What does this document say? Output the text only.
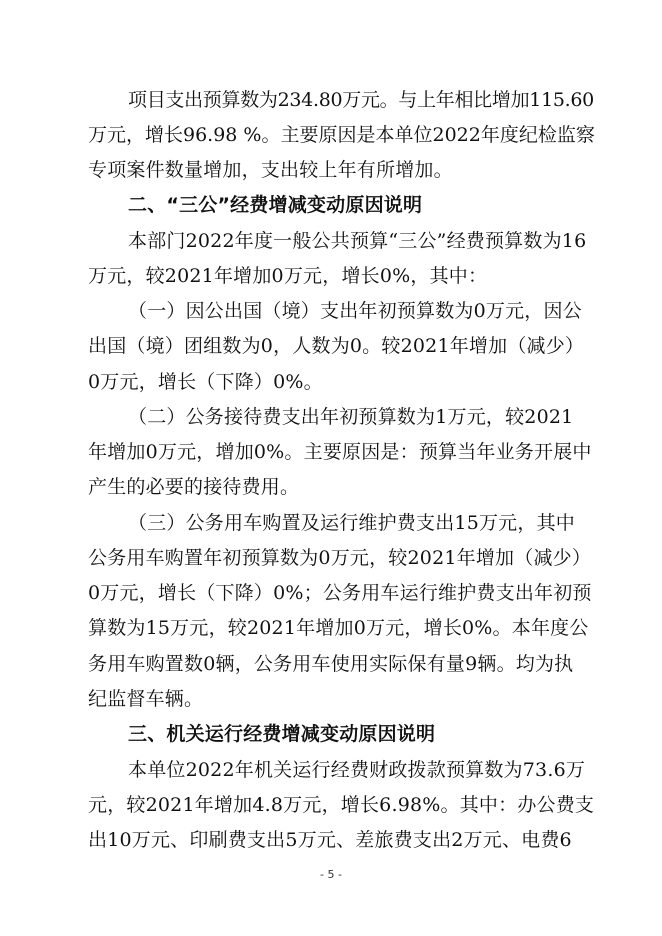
项目支出预算数为234.80万元。与上年相比增加115.60
万元，增长96.98 %。主要原因是本单位2022年度纪检监察
专项案件数量增加，支出较上年有所增加。
二、“三公”经费增减变动原因说明
本部门2022年度一般公共预算“三公”经费预算数为16
万元，较2021年增加0万元，增长0%，其中：
（一）因公出国（境）支出年初预算数为0万元，因公
出国（境）团组数为0，人数为0。较2021年增加（减少）
0万元，增长（下降）0%。
（二）公务接待费支出年初预算数为1万元，较2021
年增加0万元，增加0%。主要原因是：预算当年业务开展中
产生的必要的接待费用。
（三）公务用车购置及运行维护费支出15万元，其中
公务用车购置年初预算数为0万元，较2021年增加（减少）
0万元，增长（下降）0%；公务用车运行维护费支出年初预
算数为15万元，较2021年增加0万元，增长0%。本年度公
务用车购置数0辆，公务用车使用实际保有量9辆。均为执
纪监督车辆。
三、机关运行经费增减变动原因说明
本单位2022年机关运行经费财政拨款预算数为73.6万
元，较2021年增加4.8万元，增长6.98%。其中：办公费支
出10万元、印刷费支出5万元、差旅费支出2万元、电费6
- 5 -
